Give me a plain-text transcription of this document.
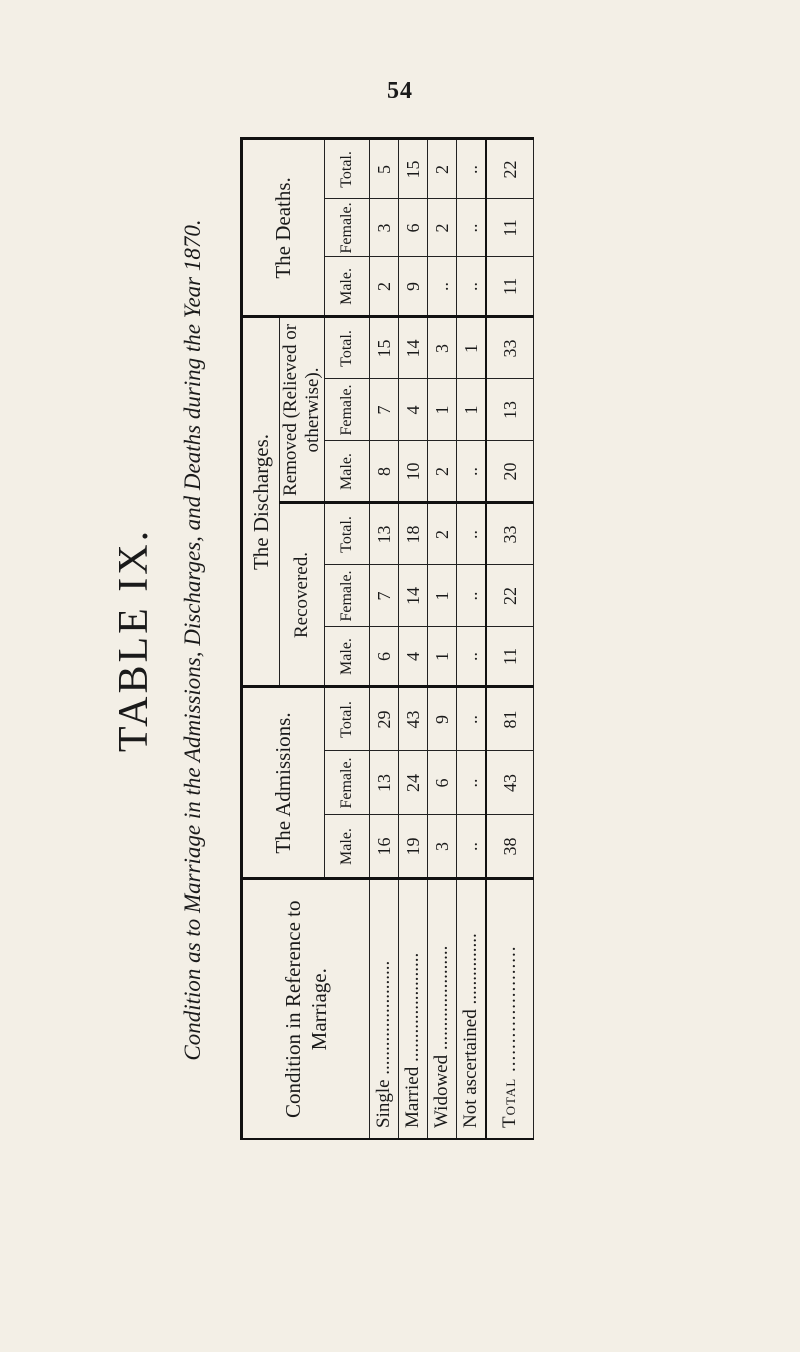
54
TABLE IX. Condition as to Marriage in the Admissions, Discharges, and Deaths during the Year 1870.	Condition in Reference to Marriage.	The Admissions.			The Discharges.						The Deaths.		
				Recovered.			Removed (Relieved or otherwise).					
	Male.	Female.	Total.	Male.	Female.	Total.	Male.	Female.	Total.	Male.	Female.	Total.
Single ........................	16	13	29	6	7	13	8	7	15	2	3	5
Married .......................	19	24	43	4	14	18	10	4	14	9	6	15
Widowed ......................	3	6	9	1	1	2	2	1	3	..	2	2
Not ascertained ...............	..	..	..	..	..	..	..	1	1	..	..	..
Total ......................	38	43	81	11	22	33	20	13	33	11	11	22
